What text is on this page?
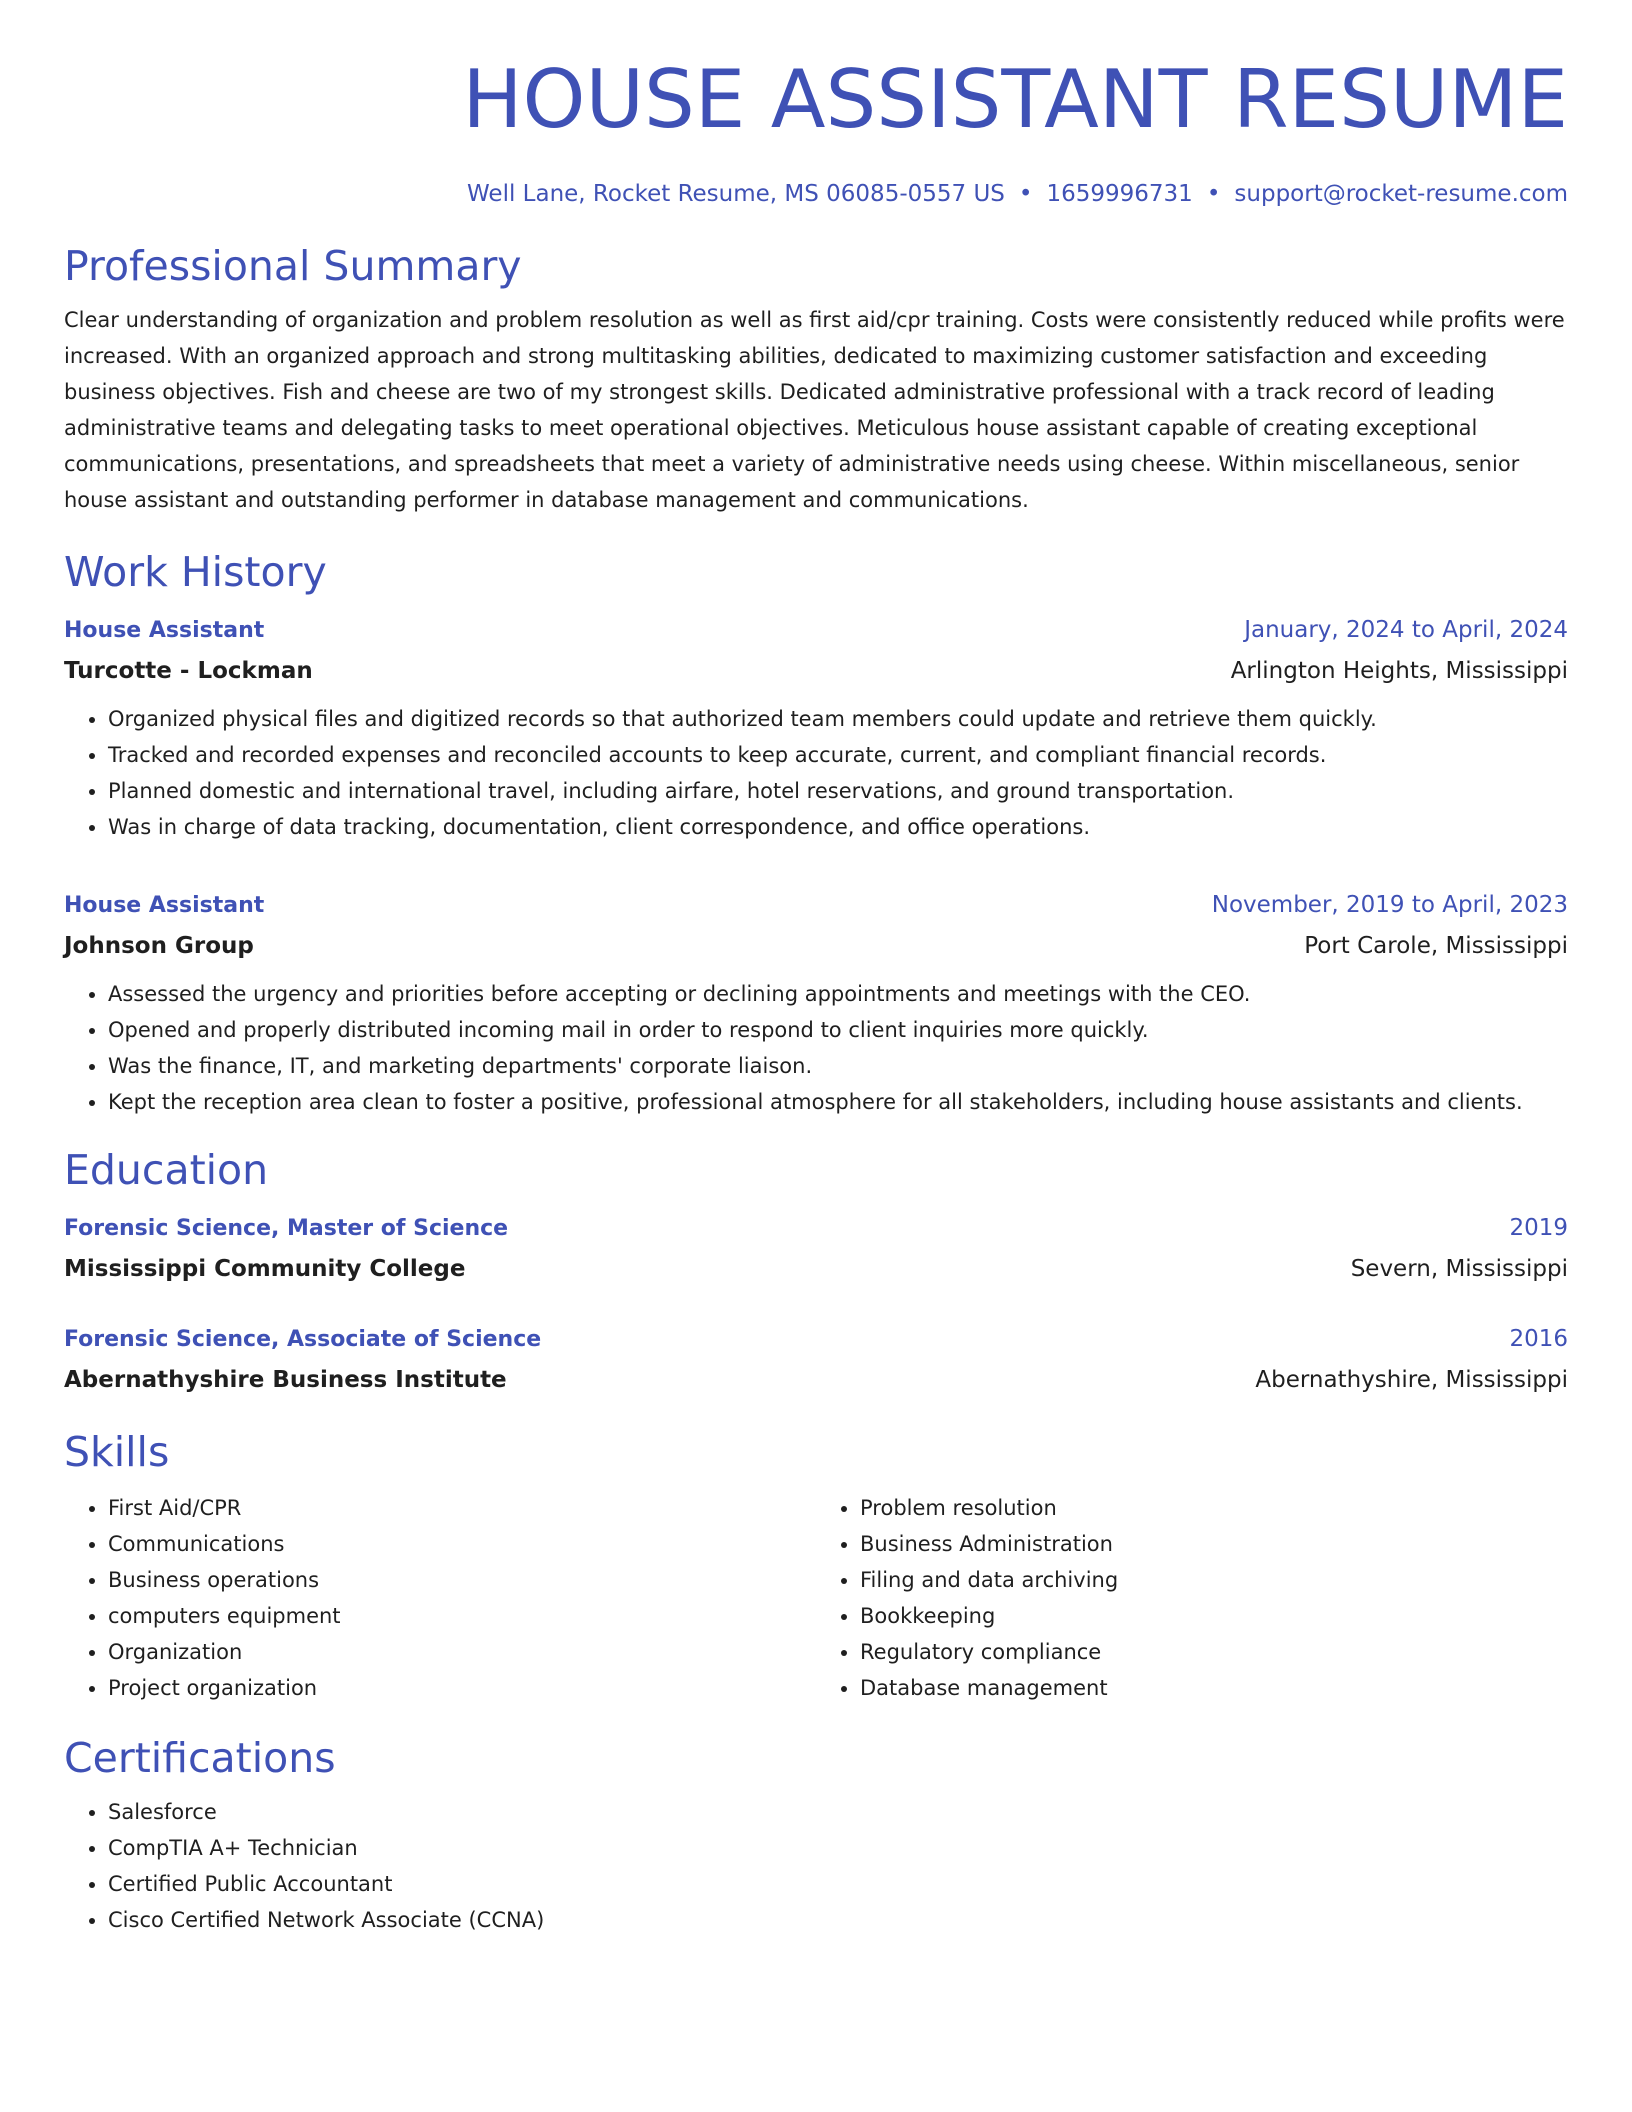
HOUSE ASSISTANT RESUME
Well Lane, Rocket Resume, MS 06085-0557 US • 1659996731 • support@rocket-resume.com
Professional Summary
Clear understanding of organization and problem resolution as well as first aid/cpr training. Costs were consistently reduced while profits were increased. With an organized approach and strong multitasking abilities, dedicated to maximizing customer satisfaction and exceeding business objectives. Fish and cheese are two of my strongest skills. Dedicated administrative professional with a track record of leading administrative teams and delegating tasks to meet operational objectives. Meticulous house assistant capable of creating exceptional communications, presentations, and spreadsheets that meet a variety of administrative needs using cheese. Within miscellaneous, senior house assistant and outstanding performer in database management and communications.
Work History
House Assistant	January, 2024 to April, 2024
Turcotte - Lockman	Arlington Heights, Mississippi
• Organized physical files and digitized records so that authorized team members could update and retrieve them quickly.
• Tracked and recorded expenses and reconciled accounts to keep accurate, current, and compliant financial records.
• Planned domestic and international travel, including airfare, hotel reservations, and ground transportation.
• Was in charge of data tracking, documentation, client correspondence, and office operations.
House Assistant	November, 2019 to April, 2023
Johnson Group	Port Carole, Mississippi
• Assessed the urgency and priorities before accepting or declining appointments and meetings with the CEO.
• Opened and properly distributed incoming mail in order to respond to client inquiries more quickly.
• Was the finance, IT, and marketing departments' corporate liaison.
• Kept the reception area clean to foster a positive, professional atmosphere for all stakeholders, including house assistants and clients.
Education
Forensic Science, Master of Science	2019
Mississippi Community College	Severn, Mississippi
Forensic Science, Associate of Science	2016
Abernathyshire Business Institute	Abernathyshire, Mississippi
Skills
• First Aid/CPR
• Communications
• Business operations
• computers equipment
• Organization
• Project organization
• Problem resolution
• Business Administration
• Filing and data archiving
• Bookkeeping
• Regulatory compliance
• Database management
Certifications
• Salesforce
• CompTIA A+ Technician
• Certified Public Accountant
• Cisco Certified Network Associate (CCNA)
